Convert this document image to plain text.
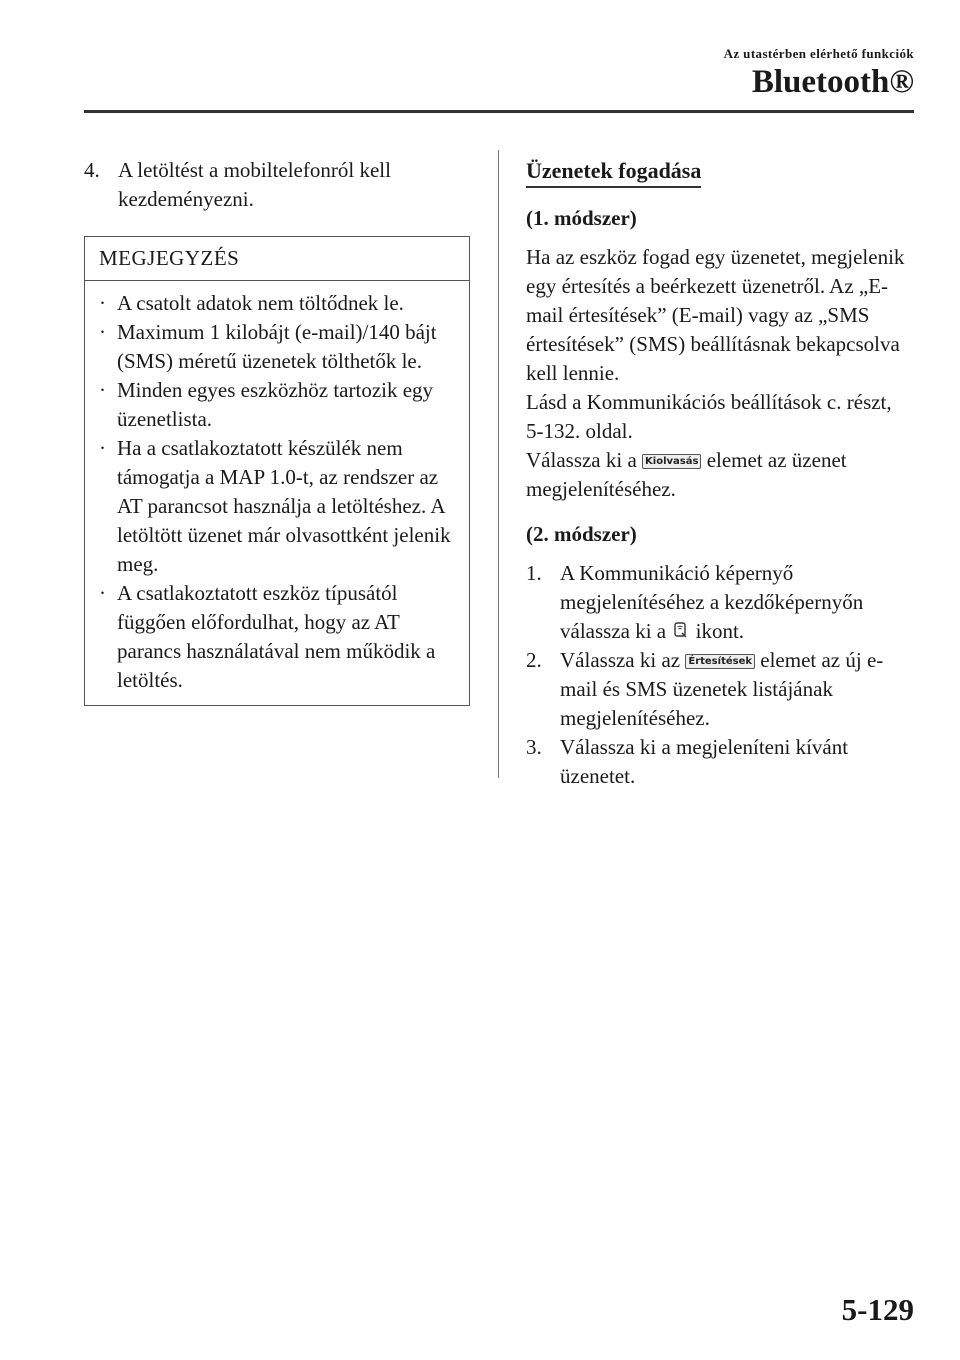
Az utastérben elérhető funkciók
Bluetooth®
4. A letöltést a mobiltelefonról kell kezdeményezni.
MEGJEGYZÉS
· A csatolt adatok nem töltődnek le.
· Maximum 1 kilobájt (e-mail)/140 bájt (SMS) méretű üzenetek tölthetők le.
· Minden egyes eszközhöz tartozik egy üzenetlista.
· Ha a csatlakoztatott készülék nem támogatja a MAP 1.0-t, az rendszer az AT parancsot használja a letöltéshez. A letöltött üzenet már olvasottként jelenik meg.
· A csatlakoztatott eszköz típusától függően előfordulhat, hogy az AT parancs használatával nem működik a letöltés.
Üzenetek fogadása
(1. módszer)

Ha az eszköz fogad egy üzenetet, megjelenik egy értesítés a beérkezett üzenetről. Az „E-mail értesítések” (E-mail) vagy az „SMS értesítések” (SMS) beállításnak bekapcsolva kell lennie.

Lásd a Kommunikációs beállítások c. részt, 5-132. oldal.

Válassza ki a Kiolvasás elemet az üzenet megjelenítéséhez.

(2. módszer)
1. A Kommunikáció képernyő megjelenítéséhez a kezdőképernyőn válassza ki a ikont.
2. Válassza ki az Értesítések elemet az új e-mail és SMS üzenetek listájának megjelenítéséhez.
3. Válassza ki a megjeleníteni kívánt üzenetet.
5-129
